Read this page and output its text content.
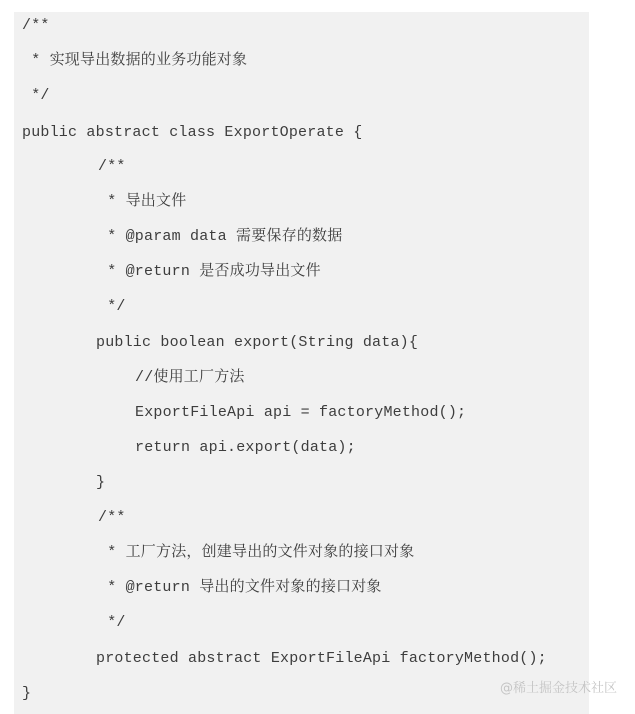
/**
* 实现导出数据的业务功能对象
*/
public abstract class ExportOperate {
/**
* 导出文件
* @param data 需要保存的数据
* @return 是否成功导出文件
*/
public boolean export(String data){
//使用工厂方法
ExportFileApi api = factoryMethod();
return api.export(data);
}
/**
* 工厂方法，创建导出的文件对象的接口对象
* @return 导出的文件对象的接口对象
*/
protected abstract ExportFileApi factoryMethod();
}	@稀土掘金技术社区
